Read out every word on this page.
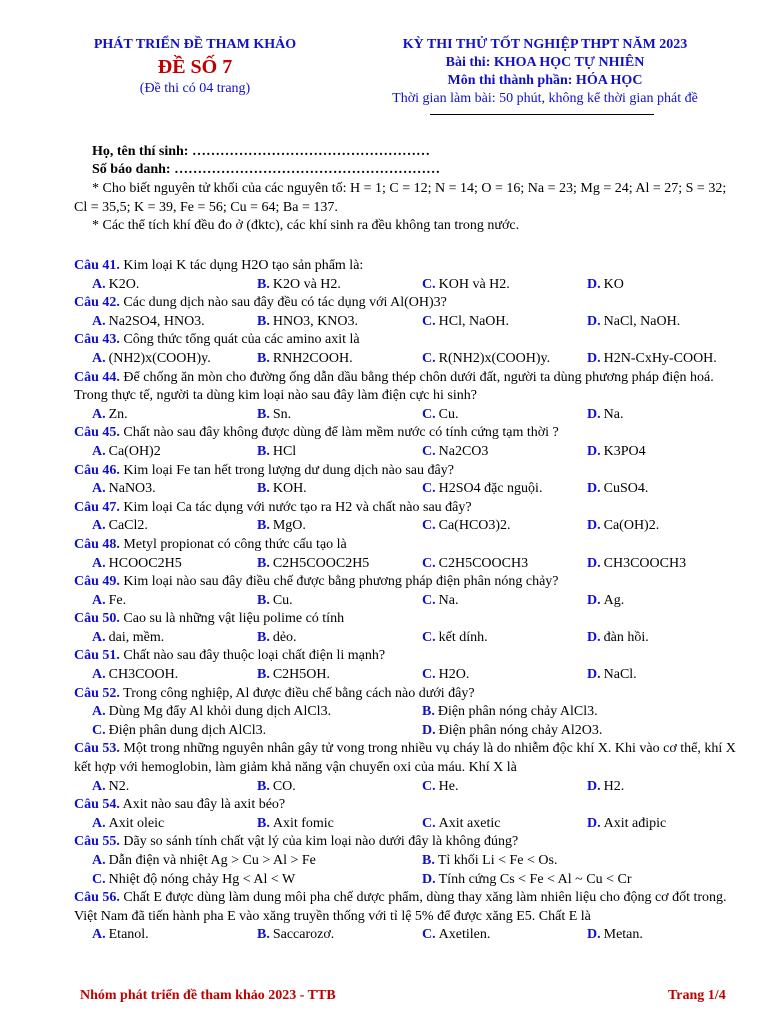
PHÁT TRIỂN ĐỀ THAM KHẢO
ĐỀ SỐ 7
(Đề thi có 04 trang)
KỲ THI THỬ TỐT NGHIỆP THPT NĂM 2023
Bài thi: KHOA HỌC TỰ NHIÊN
Môn thi thành phần: HÓA HỌC
Thời gian làm bài: 50 phút, không kể thời gian phát đề
Họ, tên thí sinh: ……………………………………………
Số báo danh: …………………………………………………

* Cho biết nguyên tử khối của các nguyên tố: H = 1; C = 12; N = 14; O = 16; Na = 23; Mg = 24; Al = 27; S = 32; Cl = 35,5; K = 39, Fe = 56; Cu = 64; Ba = 137.

* Các thể tích khí đều đo ở (đktc), các khí sinh ra đều không tan trong nước.

Câu 41. Kim loại K tác dụng H2O tạo sản phẩm là:

A. K2O.	B. K2O và H2.	C. KOH và H2.	D. KO

Câu 42. Các dung dịch nào sau đây đều có tác dụng với Al(OH)3?

A. Na2SO4, HNO3.	B. HNO3, KNO3.	C. HCl, NaOH.	D. NaCl, NaOH.

Câu 43. Công thức tổng quát của các amino axit là

A. (NH2)x(COOH)y.	B. RNH2COOH.	C. R(NH2)x(COOH)y.	D. H2N-CxHy-COOH.

Câu 44. Để chống ăn mòn cho đường ống dẫn dầu bằng thép chôn dưới đất, người ta dùng phương pháp điện hoá. Trong thực tế, người ta dùng kim loại nào sau đây làm điện cực hi sinh?

A. Zn.	B. Sn.	C. Cu.	D. Na.

Câu 45. Chất nào sau đây không được dùng để làm mềm nước có tính cứng tạm thời ?

A. Ca(OH)2	B. HCl	C. Na2CO3	D. K3PO4

Câu 46. Kim loại Fe tan hết trong lượng dư dung dịch nào sau đây?

A. NaNO3.	B. KOH.	C. H2SO4 đặc nguội.	D. CuSO4.

Câu 47. Kim loại Ca tác dụng với nước tạo ra H2 và chất nào sau đây?

A. CaCl2.	B. MgO.	C. Ca(HCO3)2.	D. Ca(OH)2.

Câu 48. Metyl propionat có công thức cấu tạo là

A. HCOOC2H5	B. C2H5COOC2H5	C. C2H5COOCH3	D. CH3COOCH3

Câu 49. Kim loại nào sau đây điều chế được bằng phương pháp điện phân nóng chảy?

A. Fe.	B. Cu.	C. Na.	D. Ag.

Câu 50. Cao su là những vật liệu polime có tính

A. dai, mềm.	B. dẻo.	C. kết dính.	D. đàn hồi.

Câu 51. Chất nào sau đây thuộc loại chất điện li mạnh?

A. CH3COOH.	B. C2H5OH.	C. H2O.	D. NaCl.

Câu 52. Trong công nghiệp, Al được điều chế bằng cách nào dưới đây?

A. Dùng Mg đẩy Al khỏi dung dịch AlCl3.	B. Điện phân nóng chảy AlCl3.
C. Điện phân dung dịch AlCl3.	D. Điện phân nóng chảy Al2O3.

Câu 53. Một trong những nguyên nhân gây tử vong trong nhiều vụ cháy là do nhiễm độc khí X. Khi vào cơ thể, khí X kết hợp với hemoglobin, làm giảm khả năng vận chuyển oxi của máu. Khí X là

A. N2.	B. CO.	C. He.	D. H2.

Câu 54. Axit nào sau đây là axit béo?

A. Axit oleic	B. Axit fomic	C. Axit axetic	D. Axit ađipic

Câu 55. Dãy so sánh tính chất vật lý của kim loại nào dưới đây là không đúng?

A. Dẫn điện và nhiệt Ag > Cu > Al > Fe	B. Tỉ khối Li < Fe < Os.
C. Nhiệt độ nóng chảy Hg < Al < W	D. Tính cứng Cs < Fe < Al ~ Cu < Cr

Câu 56. Chất E được dùng làm dung môi pha chế dược phẩm, dùng thay xăng làm nhiên liệu cho động cơ đốt trong. Việt Nam đã tiến hành pha E vào xăng truyền thống với tỉ lệ 5% để được xăng E5. Chất E là

A. Etanol.	B. Saccarozơ.	C. Axetilen.	D. Metan.
Nhóm phát triển đề tham khảo 2023 - TTB	Trang 1/4
